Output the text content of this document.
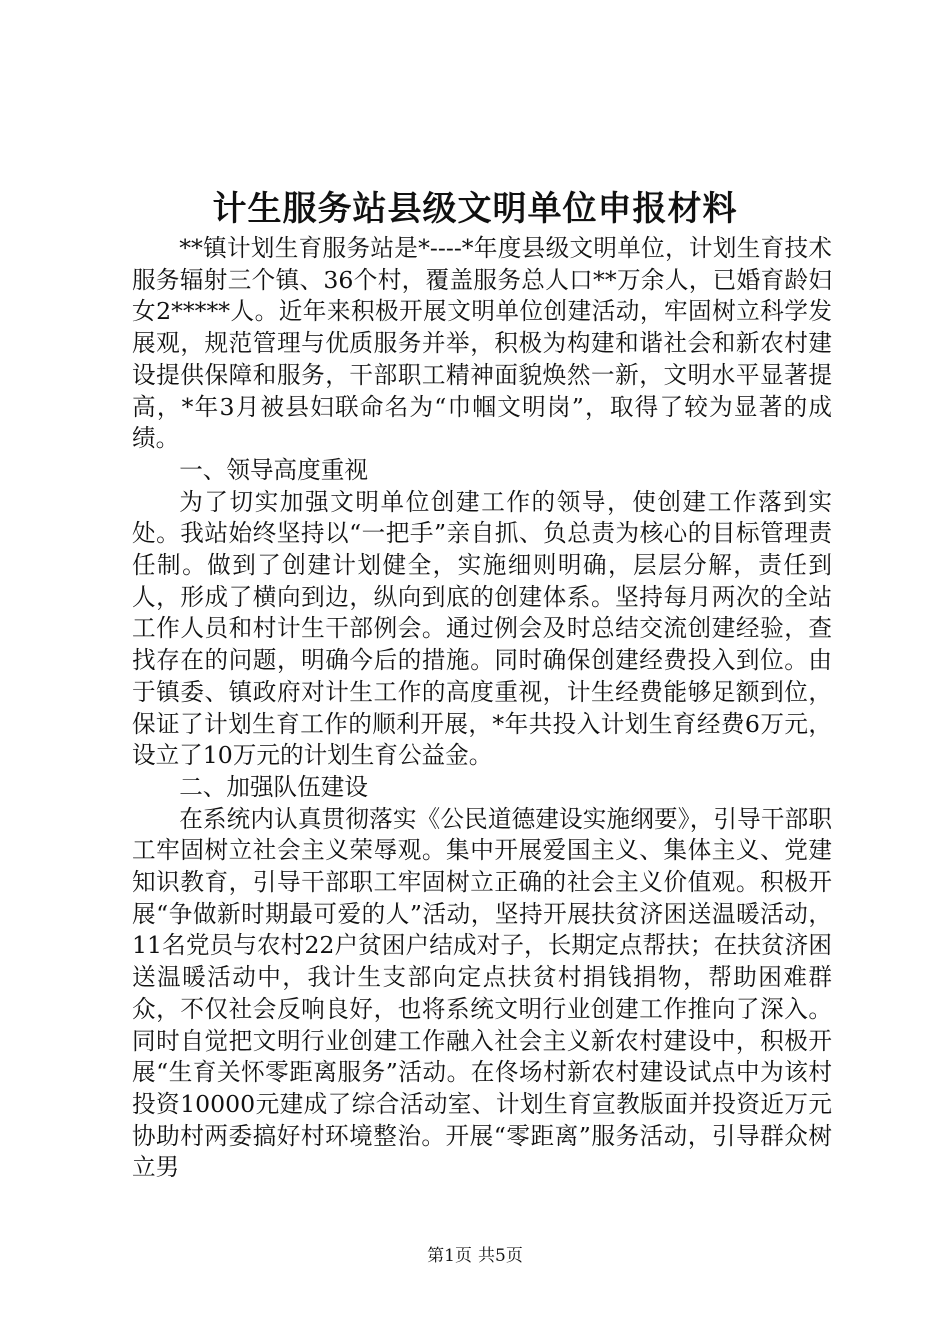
计生服务站县级文明单位申报材料

**镇计划生育服务站是*----*年度县级文明单位，计划生育技术服务辐射三个镇、36个村，覆盖服务总人口**万余人，已婚育龄妇女2*****人。近年来积极开展文明单位创建活动，牢固树立科学发展观，规范管理与优质服务并举，积极为构建和谐社会和新农村建设提供保障和服务，干部职工精神面貌焕然一新，文明水平显著提高，*年3月被县妇联命名为“巾帼文明岗”，取得了较为显著的成绩。

一、领导高度重视

为了切实加强文明单位创建工作的领导，使创建工作落到实处。我站始终坚持以“一把手”亲自抓、负总责为核心的目标管理责任制。做到了创建计划健全，实施细则明确，层层分解，责任到人，形成了横向到边，纵向到底的创建体系。坚持每月两次的全站工作人员和村计生干部例会。通过例会及时总结交流创建经验，查找存在的问题，明确今后的措施。同时确保创建经费投入到位。由于镇委、镇政府对计生工作的高度重视，计生经费能够足额到位，保证了计划生育工作的顺利开展，*年共投入计划生育经费6万元，设立了10万元的计划生育公益金。

二、加强队伍建设

在系统内认真贯彻落实《公民道德建设实施纲要》，引导干部职工牢固树立社会主义荣辱观。集中开展爱国主义、集体主义、党建知识教育，引导干部职工牢固树立正确的社会主义价值观。积极开展“争做新时期最可爱的人”活动，坚持开展扶贫济困送温暖活动，11名党员与农村22户贫困户结成对子，长期定点帮扶；在扶贫济困送温暖活动中，我计生支部向定点扶贫村捐钱捐物，帮助困难群众，不仅社会反响良好，也将系统文明行业创建工作推向了深入。同时自觉把文明行业创建工作融入社会主义新农村建设中，积极开展“生育关怀零距离服务”活动。在佟场村新农村建设试点中为该村投资10000元建成了综合活动室、计划生育宣教版面并投资近万元协助村两委搞好村环境整治。开展“零距离”服务活动，引导群众树立男

第1页 共5页
